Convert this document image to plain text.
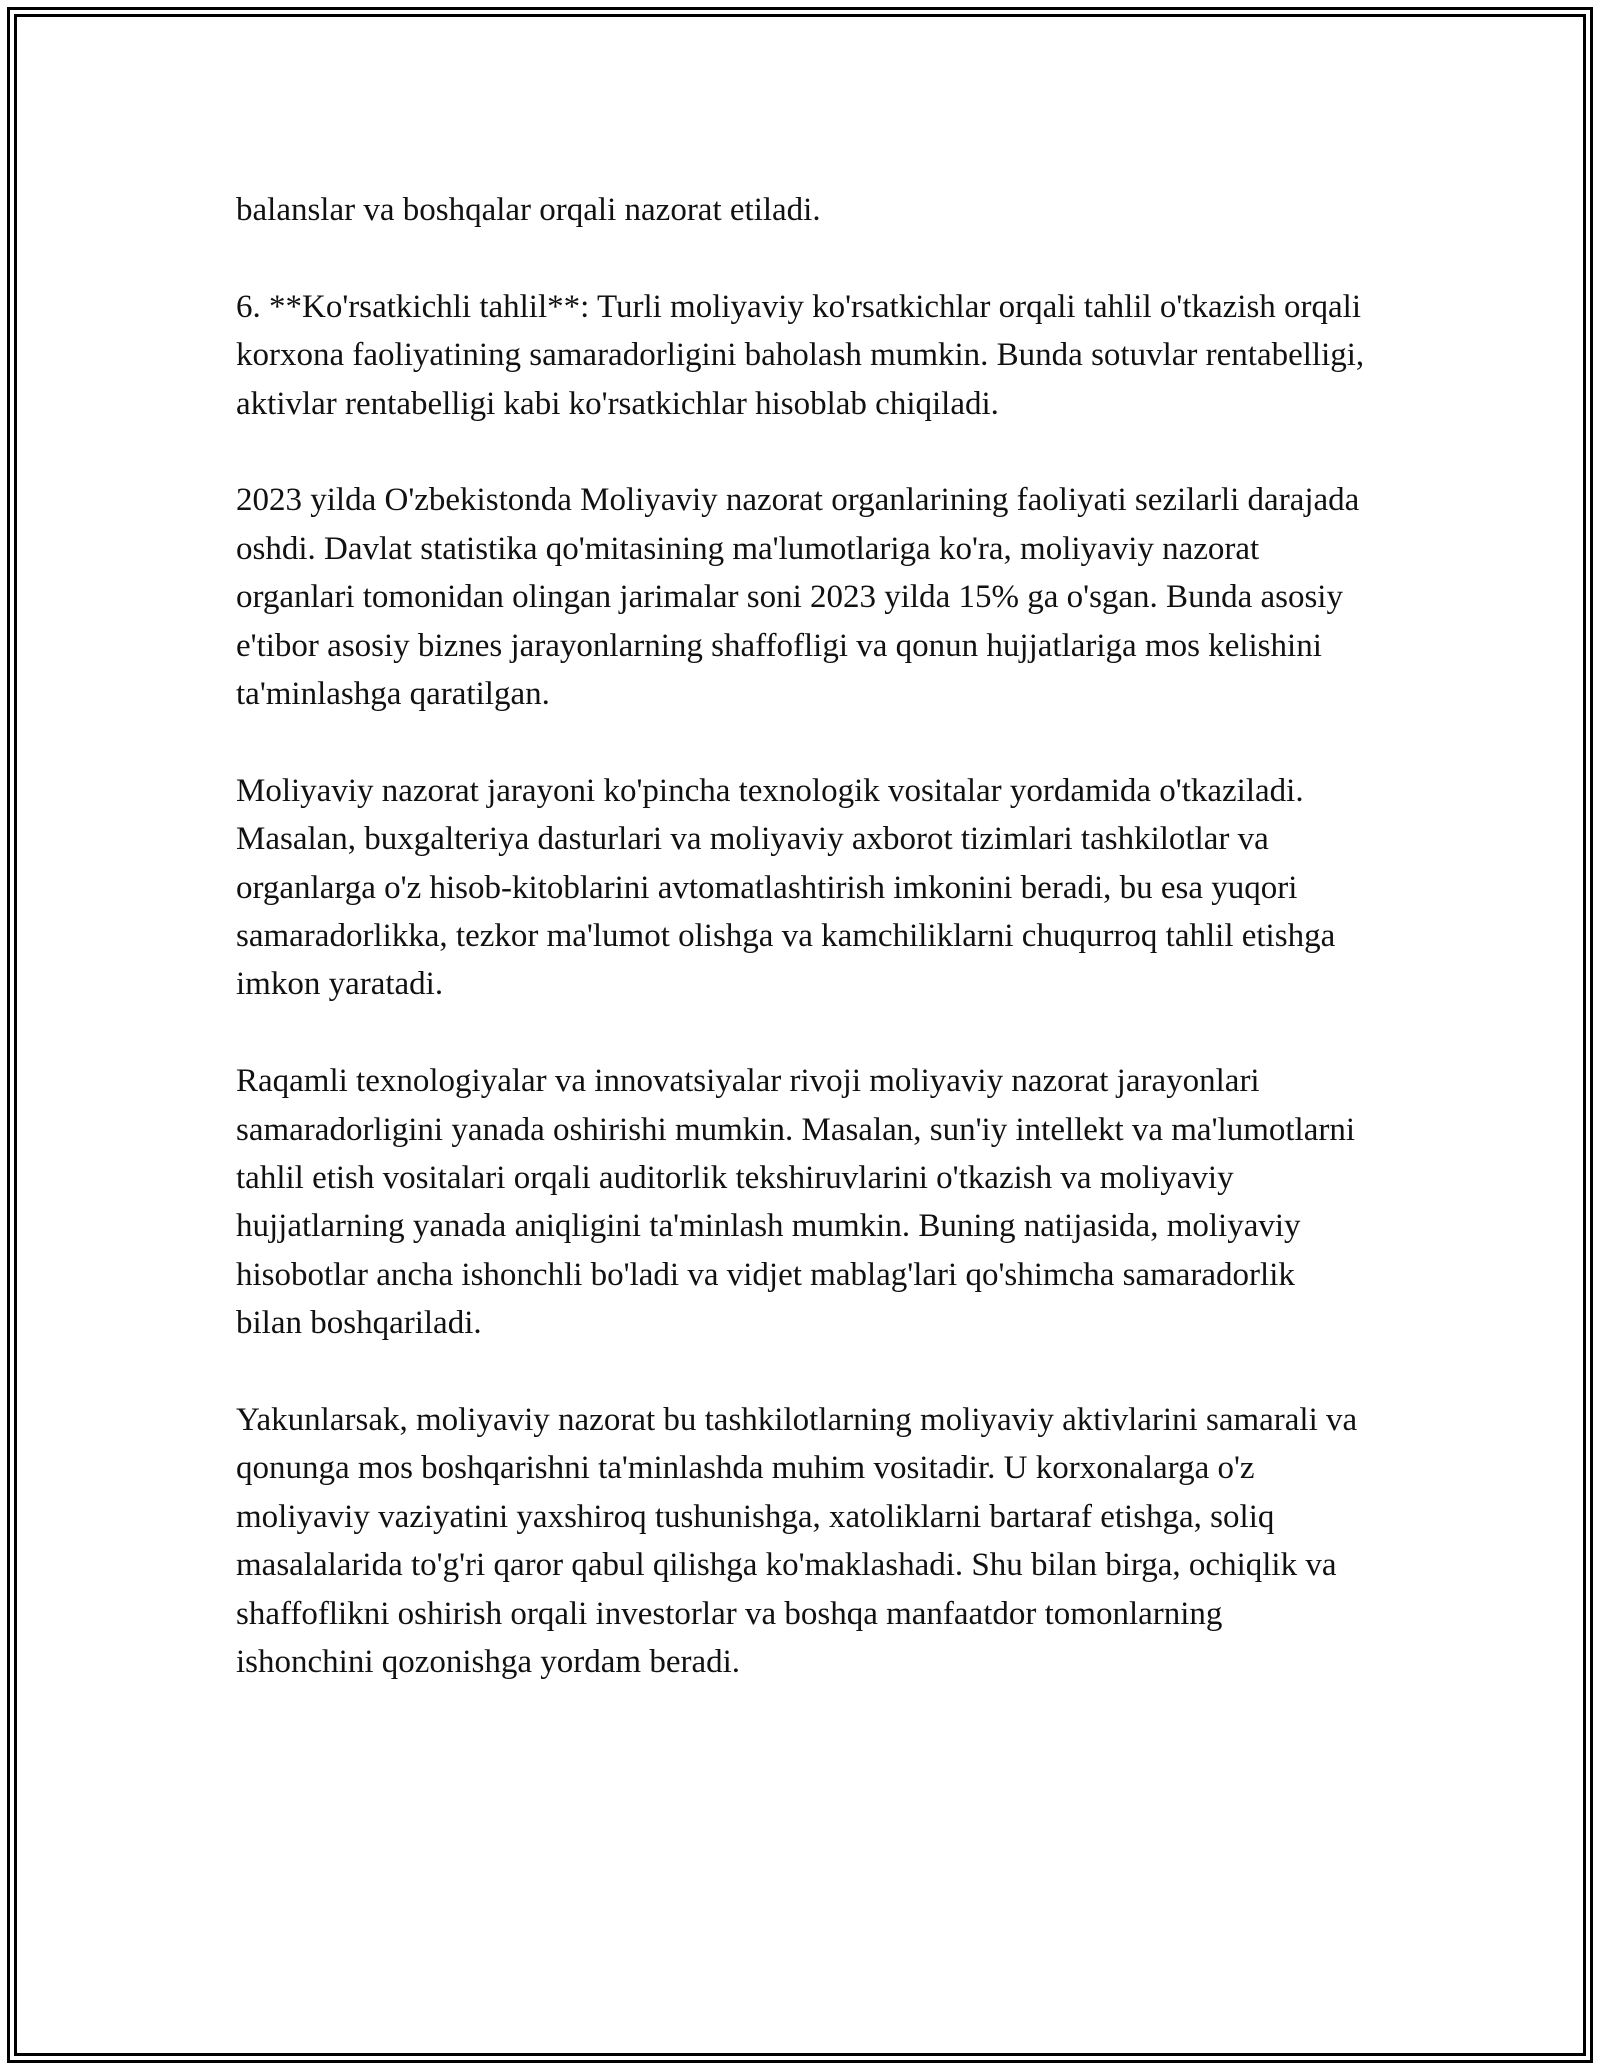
balanslar va boshqalar orqali nazorat etiladi.

6. **Ko'rsatkichli tahlil**: Turli moliyaviy ko'rsatkichlar orqali tahlil o'tkazish orqali korxona faoliyatining samaradorligini baholash mumkin. Bunda sotuvlar rentabelligi, aktivlar rentabelligi kabi ko'rsatkichlar hisoblab chiqiladi.

2023 yilda O'zbekistonda Moliyaviy nazorat organlarining faoliyati sezilarli darajada oshdi. Davlat statistika qo'mitasining ma'lumotlariga ko'ra, moliyaviy nazorat organlari tomonidan olingan jarimalar soni 2023 yilda 15% ga o'sgan. Bunda asosiy e'tibor asosiy biznes jarayonlarning shaffofligi va qonun hujjatlariga mos kelishini ta'minlashga qaratilgan.

Moliyaviy nazorat jarayoni ko'pincha texnologik vositalar yordamida o'tkaziladi. Masalan, buxgalteriya dasturlari va moliyaviy axborot tizimlari tashkilotlar va organlarga o'z hisob-kitoblarini avtomatlashtirish imkonini beradi, bu esa yuqori samaradorlikka, tezkor ma'lumot olishga va kamchiliklarni chuqurroq tahlil etishga imkon yaratadi.

Raqamli texnologiyalar va innovatsiyalar rivoji moliyaviy nazorat jarayonlari samaradorligini yanada oshirishi mumkin. Masalan, sun'iy intellekt va ma'lumotlarni tahlil etish vositalari orqali auditorlik tekshiruvlarini o'tkazish va moliyaviy hujjatlarning yanada aniqligini ta'minlash mumkin. Buning natijasida, moliyaviy hisobotlar ancha ishonchli bo'ladi va vidjet mablag'lari qo'shimcha samaradorlik bilan boshqariladi.

Yakunlarsak, moliyaviy nazorat bu tashkilotlarning moliyaviy aktivlarini samarali va qonunga mos boshqarishni ta'minlashda muhim vositadir. U korxonalarga o'z moliyaviy vaziyatini yaxshiroq tushunishga, xatoliklarni bartaraf etishga, soliq masalalarida to'g'ri qaror qabul qilishga ko'maklashadi. Shu bilan birga, ochiqlik va shaffoflikni oshirish orqali investorlar va boshqa manfaatdor tomonlarning ishonchini qozonishga yordam beradi.
